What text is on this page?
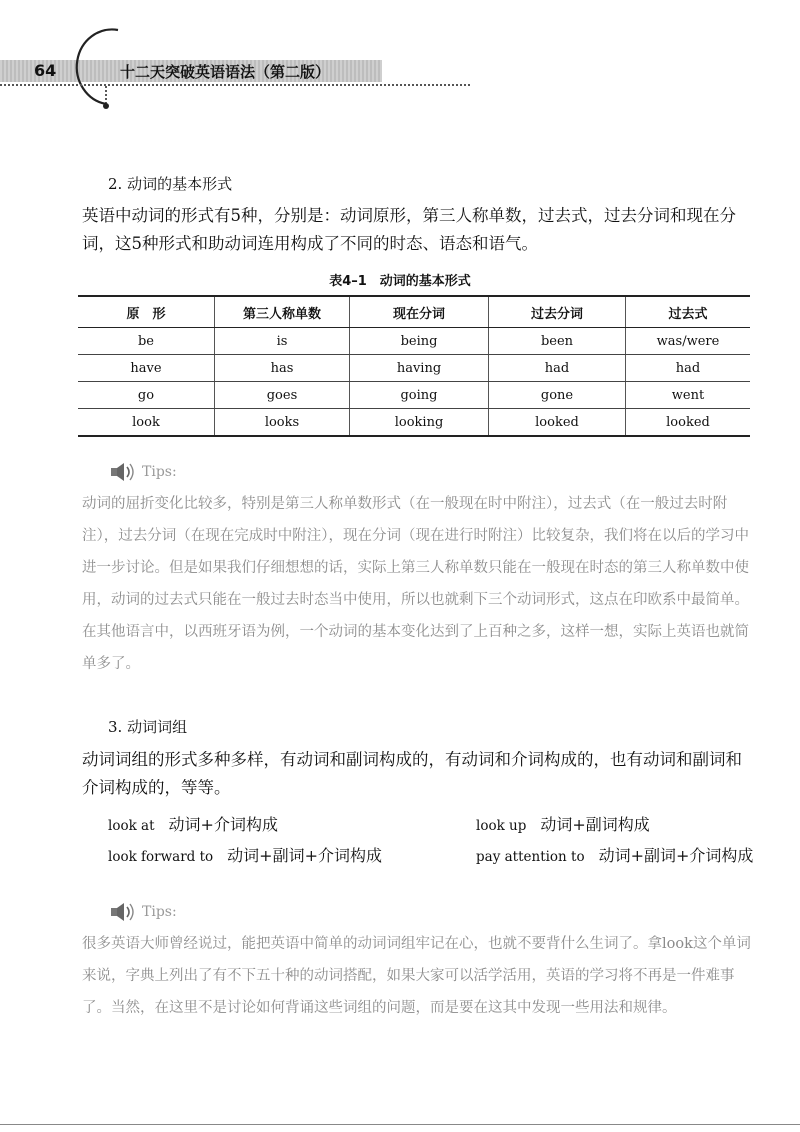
64	十二天突破英语语法（第二版）
2. 动词的基本形式

英语中动词的形式有5种，分别是：动词原形，第三人称单数，过去式，过去分词和现在分词，这5种形式和助动词连用构成了不同的时态、语态和语气。

表4–1　动词的基本形式
原　形	第三人称单数	现在分词	过去分词	过去式
be	is	being	been	was/were
have	has	having	had	had
go	goes	going	gone	went
look	looks	looking	looked	looked
Tips:

动词的屈折变化比较多，特别是第三人称单数形式（在一般现在时中附注），过去式（在一般过去时附注），过去分词（在现在完成时中附注），现在分词（现在进行时附注）比较复杂，我们将在以后的学习中进一步讨论。但是如果我们仔细想想的话，实际上第三人称单数只能在一般现在时态的第三人称单数中使用，动词的过去式只能在一般过去时态当中使用，所以也就剩下三个动词形式，这点在印欧系中最简单。在其他语言中，以西班牙语为例，一个动词的基本变化达到了上百种之多，这样一想，实际上英语也就简单多了。

3. 动词词组

动词词组的形式多种多样，有动词和副词构成的，有动词和介词构成的，也有动词和副词和介词构成的，等等。

look at 动词+介词构成	look up 动词+副词构成
look forward to 动词+副词+介词构成	pay attention to 动词+副词+介词构成
Tips:

很多英语大师曾经说过，能把英语中简单的动词词组牢记在心，也就不要背什么生词了。拿look这个单词来说，字典上列出了有不下五十种的动词搭配，如果大家可以活学活用，英语的学习将不再是一件难事了。当然，在这里不是讨论如何背诵这些词组的问题，而是要在这其中发现一些用法和规律。
